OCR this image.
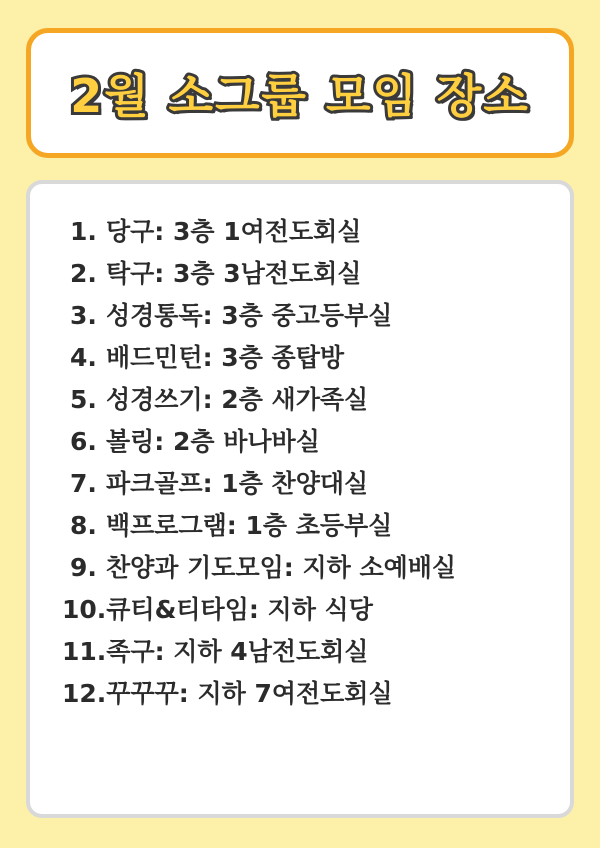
2월 소그룹 모임 장소
1. 당구: 3층 1여전도회실
2. 탁구: 3층 3남전도회실
3. 성경통독: 3층 중고등부실
4. 배드민턴: 3층 종탑방
5. 성경쓰기: 2층 새가족실
6. 볼링: 2층 바나바실
7. 파크골프: 1층 찬양대실
8. 백프로그램: 1층 초등부실
9. 찬양과 기도모임: 지하 소예배실
10. 큐티&티타임: 지하 식당
11. 족구: 지하 4남전도회실
12. 꾸꾸꾸: 지하 7여전도회실
